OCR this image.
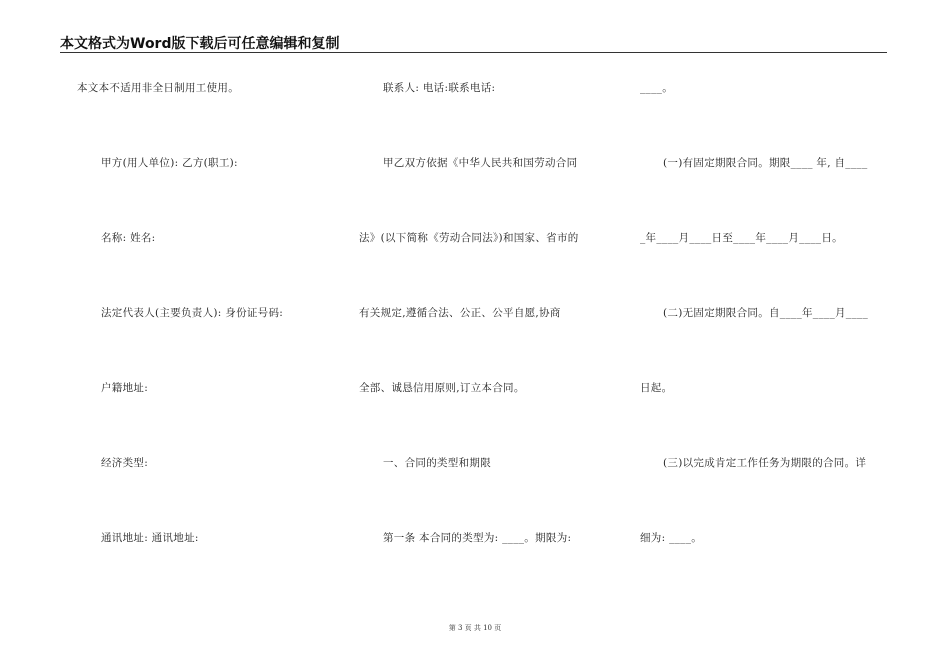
本文格式为Word版下载后可任意编辑和复制
本文本不适用非全日制用工使用。
甲方(用人单位): 乙方(职工):
名称: 姓名:
法定代表人(主要负责人): 身份证号码:
户籍地址:
经济类型:
通讯地址: 通讯地址:
联系人: 电话:联系电话:
甲乙双方依据《中华人民共和国劳动合同
法》(以下简称《劳动合同法》)和国家、省市的
有关规定,遵循合法、公正、公平自愿,协商
全部、诚恳信用原则,订立本合同。
一、合同的类型和期限
第一条 本合同的类型为: ____。期限为:
____。
(一)有固定期限合同。期限____ 年, 自____
_年____月____日至____年____月____日。
(二)无固定期限合同。自____年____月____
日起。
(三)以完成肯定工作任务为期限的合同。详
细为: ____。
第 3 页 共 10 页
